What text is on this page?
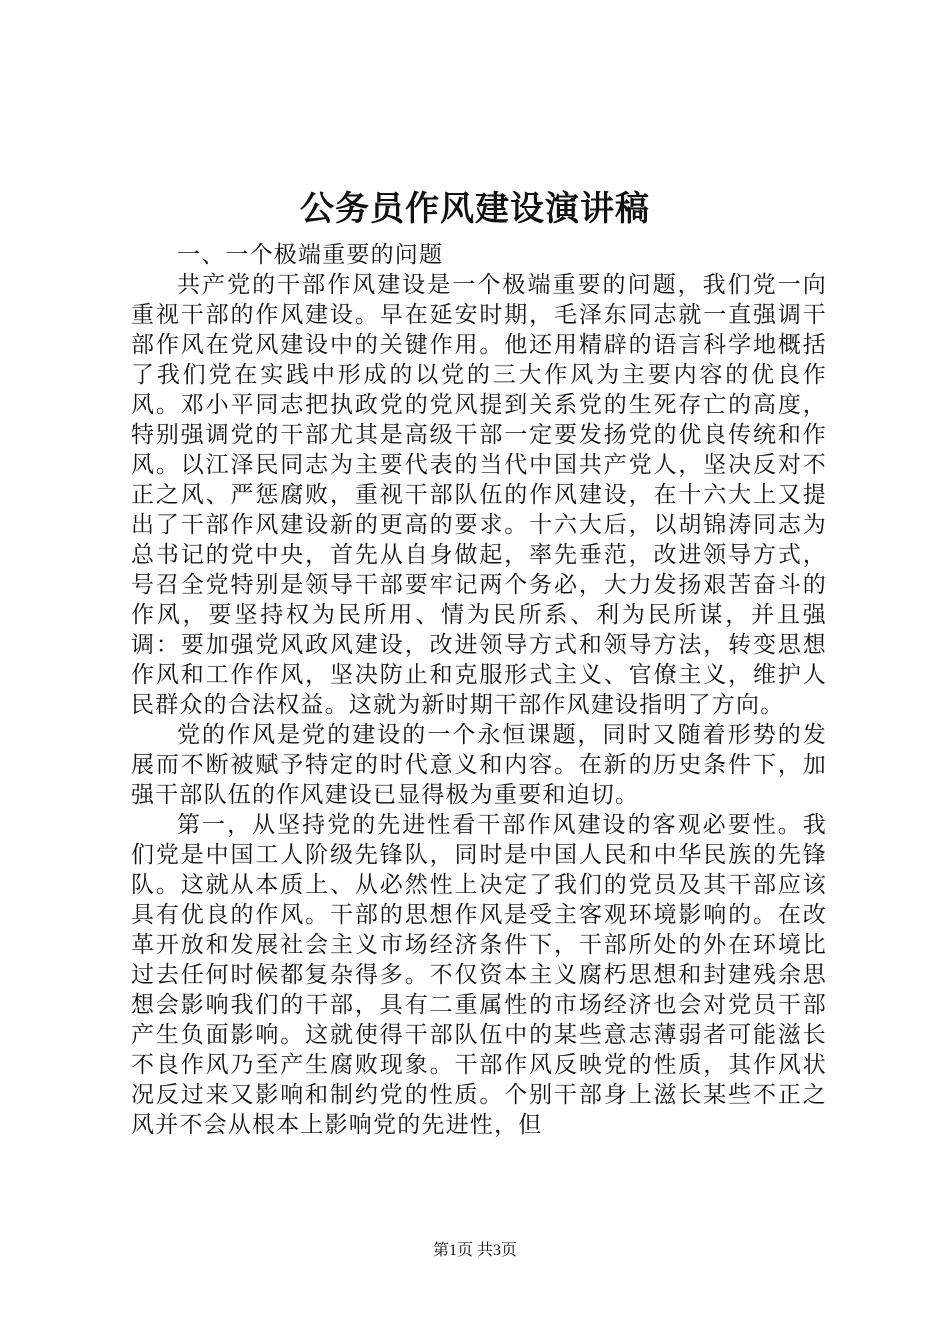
公务员作风建设演讲稿

一、一个极端重要的问题

共产党的干部作风建设是一个极端重要的问题，我们党一向重视干部的作风建设。早在延安时期，毛泽东同志就一直强调干部作风在党风建设中的关键作用。他还用精辟的语言科学地概括了我们党在实践中形成的以党的三大作风为主要内容的优良作风。邓小平同志把执政党的党风提到关系党的生死存亡的高度，特别强调党的干部尤其是高级干部一定要发扬党的优良传统和作风。以江泽民同志为主要代表的当代中国共产党人，坚决反对不正之风、严惩腐败，重视干部队伍的作风建设，在十六大上又提出了干部作风建设新的更高的要求。十六大后，以胡锦涛同志为总书记的党中央，首先从自身做起，率先垂范，改进领导方式，号召全党特别是领导干部要牢记两个务必，大力发扬艰苦奋斗的作风，要坚持权为民所用、情为民所系、利为民所谋，并且强调：要加强党风政风建设，改进领导方式和领导方法，转变思想作风和工作作风，坚决防止和克服形式主义、官僚主义，维护人民群众的合法权益。这就为新时期干部作风建设指明了方向。

党的作风是党的建设的一个永恒课题，同时又随着形势的发展而不断被赋予特定的时代意义和内容。在新的历史条件下，加强干部队伍的作风建设已显得极为重要和迫切。

第一，从坚持党的先进性看干部作风建设的客观必要性。我们党是中国工人阶级先锋队，同时是中国人民和中华民族的先锋队。这就从本质上、从必然性上决定了我们的党员及其干部应该具有优良的作风。干部的思想作风是受主客观环境影响的。在改革开放和发展社会主义市场经济条件下，干部所处的外在环境比过去任何时候都复杂得多。不仅资本主义腐朽思想和封建残余思想会影响我们的干部，具有二重属性的市场经济也会对党员干部产生负面影响。这就使得干部队伍中的某些意志薄弱者可能滋长不良作风乃至产生腐败现象。干部作风反映党的性质，其作风状况反过来又影响和制约党的性质。个别干部身上滋长某些不正之风并不会从根本上影响党的先进性，但

第1页 共3页
